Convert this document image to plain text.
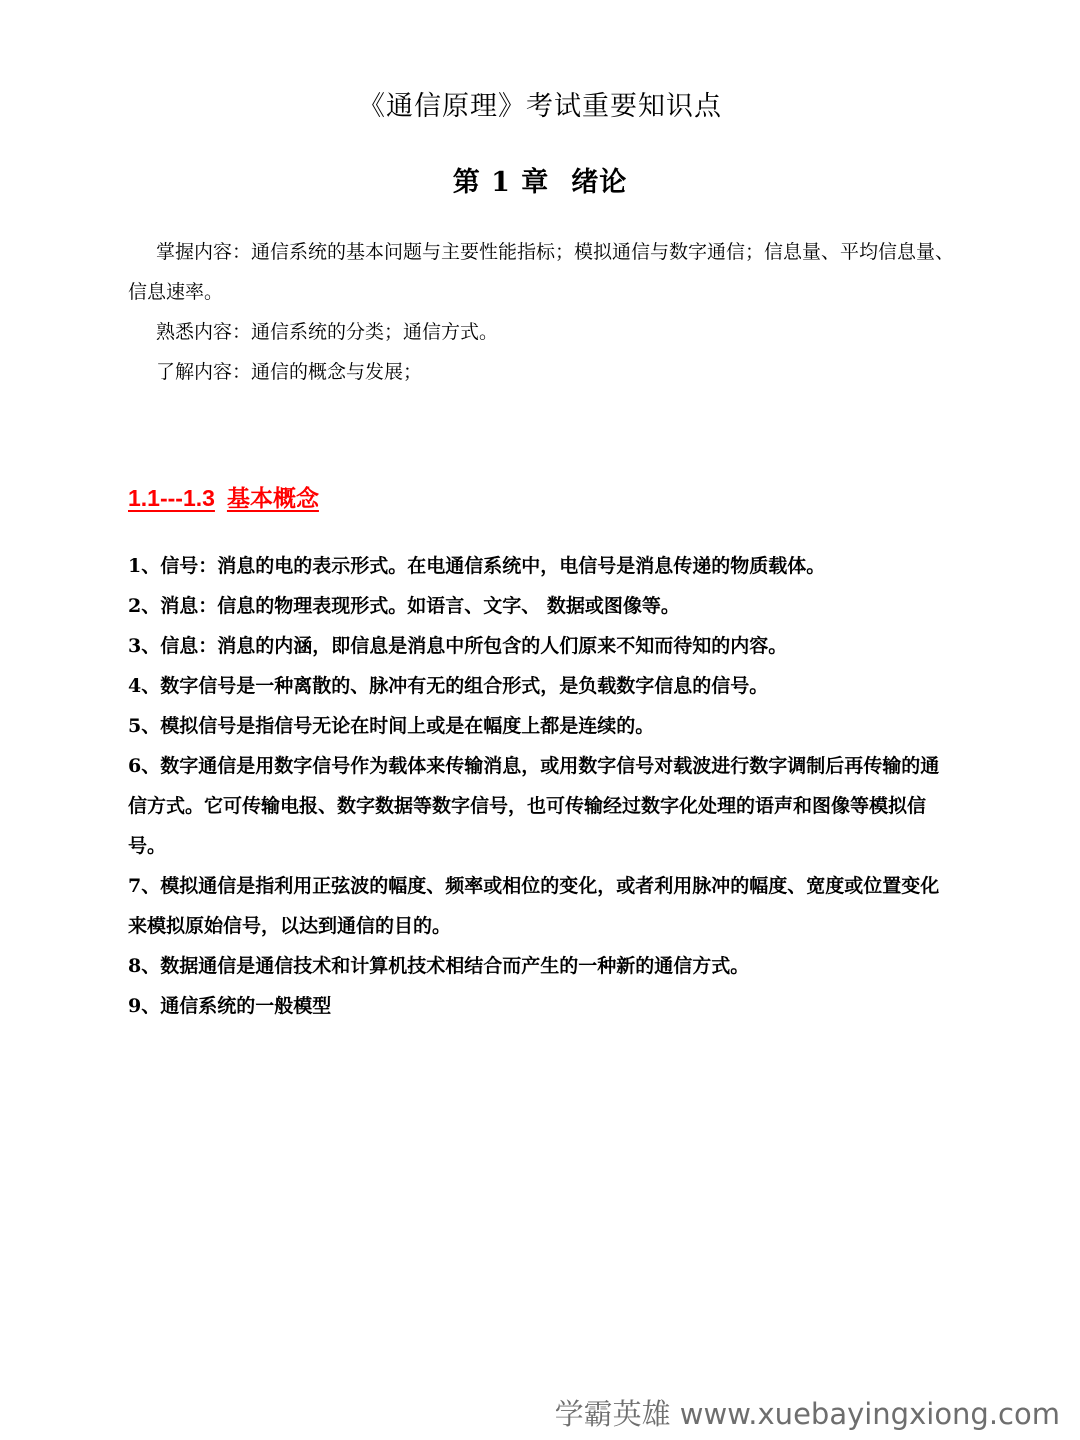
《通信原理》考试重要知识点
第 1 章 绪论

掌握内容：通信系统的基本问题与主要性能指标；模拟通信与数字通信；信息量、平均信息量、信息速率。

熟悉内容：通信系统的分类；通信方式。

了解内容：通信的概念与发展；

1.1---1.3 基本概念
1、信号：消息的电的表示形式。在电通信系统中，电信号是消息传递的物质载体。
2、消息：信息的物理表现形式。如语言、文字、 数据或图像等。
3、信息：消息的内涵，即信息是消息中所包含的人们原来不知而待知的内容。
4、数字信号是一种离散的、脉冲有无的组合形式，是负载数字信息的信号。
5、模拟信号是指信号无论在时间上或是在幅度上都是连续的。
6、数字通信是用数字信号作为载体来传输消息，或用数字信号对载波进行数字调制后再传输的通信方式。它可传输电报、数字数据等数字信号，也可传输经过数字化处理的语声和图像等模拟信号。
7、模拟通信是指利用正弦波的幅度、频率或相位的变化，或者利用脉冲的幅度、宽度或位置变化来模拟原始信号，以达到通信的目的。
8、数据通信是通信技术和计算机技术相结合而产生的一种新的通信方式。
9、通信系统的一般模型
学霸英雄 www.xuebayingxiong.com
